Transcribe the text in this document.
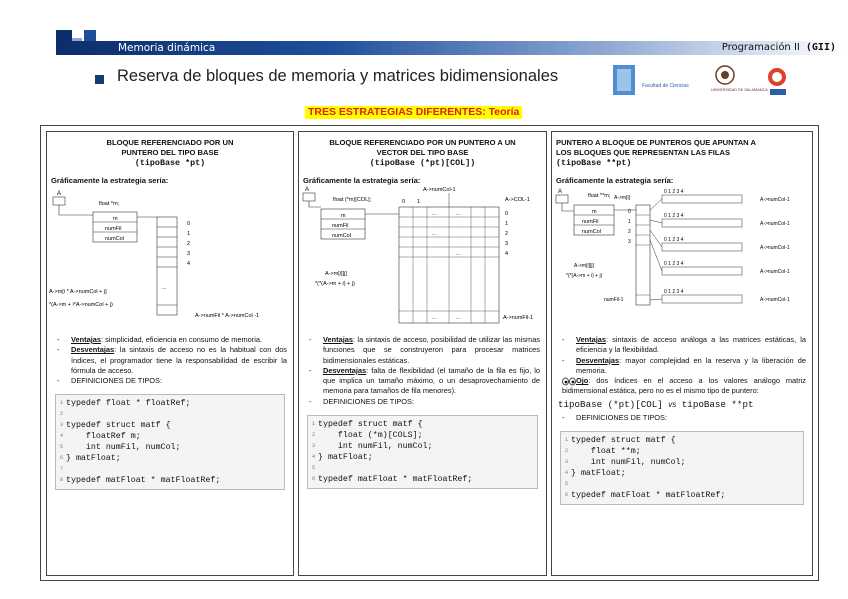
Memoria dinámica	Programación II (GII)
Reserva de bloques de memoria y matrices bidimensionales
Facultad de Ciencias
UNIVERSIDAD DE SALAMANCA
TRES ESTRATEGIAS DIFERENTES: Teoría
BLOQUE REFERENCIADO POR UN
PUNTERO DEL TIPO BASE
(tipoBase *pt)
Gráficamente la estrategia sería:
A
float *m;
m
numFil
numCol
...
0
1
2
3
4
A->m[i * A->numCol + j]
*(A->m + i*A->numCol + j)
A->numFil * A->numCol -1
- Ventajas: simplicidad, eficiencia en consumo de memoria.
- Desventajas: la sintaxis de acceso no es la habitual con dos índices, el programador tiene la responsabilidad de escribir la fórmula de acceso.
- DEFINICIONES DE TIPOS:
1 typedef float * floatRef;
2
3 typedef struct matf {
4    floatRef m;
5    int numFil, numCol;
6 } matFloat;
7
8 typedef matFloat * matFloatRef;
BLOQUE REFERENCIADO POR UN PUNTERO A UN
VECTOR DEL TIPO BASE
(tipoBase (*pt)[COL])
Gráficamente la estrategia sería:
A
float (*m)[COL];
A->numCol-1
m
numFil
numCol
0 1	A->COL-1
...	...
...
...
...	...
0
1
2
3
4
A->m[i][j]
*(*(A->m + i) + j)
A->numFil-1
- Ventajas: la sintaxis de acceso, posibilidad de utilizar las mismas funciones que se construyeron para procesar matrices bidimensionales estáticas.
- Desventajas: falta de flexibilidad (el tamaño de la fila es fijo, lo que implica un tamaño máximo, o un desaprovechamiento de memoria para tamaños de fila menores).
- DEFINICIONES DE TIPOS:
1 typedef struct matf {
2    float (*m)[COLS];
3    int numFil, numCol;
4 } matFloat;
5
6 typedef matFloat * matFloatRef;
PUNTERO A BLOQUE DE PUNTEROS QUE APUNTAN A
LOS BLOQUES QUE REPRESENTAN LAS FILAS
(tipoBase **pt)
Gráficamente la estrategia sería:
A
float **m;
m
numFil
numCol
A->m[i]
0
1
2
3
0 1 2 3 4
0 1 2 3 4
0 1 2 3 4
0 1 2 3 4
0 1 2 3 4
A->numCol-1
A->numCol-1
A->numCol-1
A->numCol-1
A->numCol-1
A->m[i][j]
*(*(A->m + i) + j)
numFil-1
- Ventajas: sintaxis de acceso análoga a las matrices estáticas, la eficiencia y la flexibilidad.
- Desventajas: mayor complejidad en la reserva y la liberación de memoria.
Ojo: dos índices en el acceso a los valores análogo matriz bidimensional estática, pero no es el mismo tipo de puntero:
tipoBase (*pt)[COL] vs tipoBase **pt
- DEFINICIONES DE TIPOS:
1 typedef struct matf {
2    float **m;
3    int numFil, numCol;
4 } matFloat;
5
6 typedef matFloat * matFloatRef;
